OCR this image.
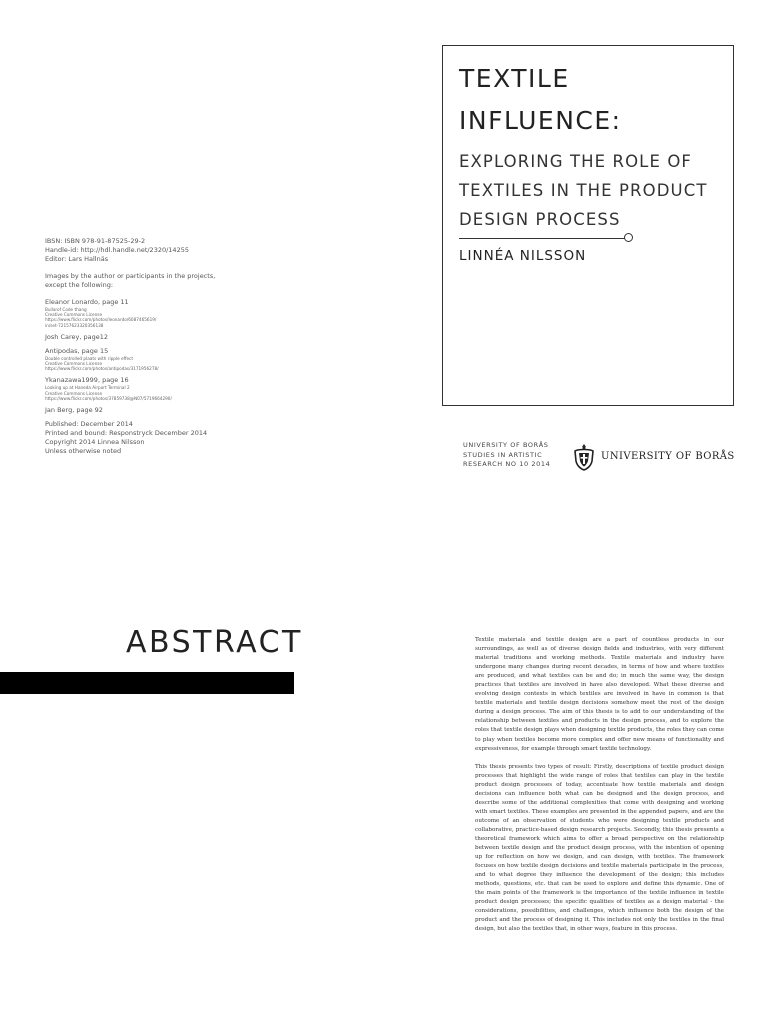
TEXTILE
INFLUENCE:
EXPLORING THE ROLE OF
TEXTILES IN THE PRODUCT
DESIGN PROCESS
LINNÉA NILSSON
UNIVERSITY OF BORÅS
STUDIES IN ARTISTIC
RESEARCH NO 10 2014
UNIVERSITY OF BORÅS
IBSN: ISBN 978-91-87525-29-2
Handle-id: http://hdl.handle.net/2320/14255
Editor: Lars Hallnäs
Images by the author or participants in the projects,
except the following:
Eleanor Lonardo, page 11
Bullarof Code thang
Creative Commons License
https://www.flickr.com/photos/leonardo/6087465619/
in/set-72157623320356138
Josh Carey, page12
Antipodas, page 15
Double controlled plaats with ripple effect
Creative Commons License
https://www.flickr.com/photos/antipodas/3171956278/
Ykanazawa1999, page 16
Looking up at Haneda Airport Terminal 2
Creative Commons License
https://www.flickr.com/photos/37859738@N07/5719664290/
Jan Berg, page 92
Published: December 2014
Printed and bound: Responstryck December 2014
Copyright 2014 Linnea Nilsson
Unless otherwise noted
ABSTRACT	Textile materials and textile design are a part of countless products in our surroundings, as well as of diverse design fields and industries, with very different material traditions and working methods. Textile materials and industry have undergone many changes during recent decades, in terms of how and where textiles are produced, and what textiles can be and do; in much the same way, the design practices that textiles are involved in have also developed. What these diverse and evolving design contexts in which textiles are involved in have in common is that textile materials and textile design decisions somehow meet the rest of the design during a design process. The aim of this thesis is to add to our understanding of the relationship between textiles and products in the design process, and to explore the roles that textile design plays when designing textile products, the roles they can come to play when textiles become more complex and offer new means of functionality and expressiveness, for example through smart textile technology.

This thesis presents two types of result: Firstly, descriptions of textile product design processes that highlight the wide range of roles that textiles can play in the textile product design processes of today, accentuate how textile materials and design decisions can influence both what can be designed and the design process, and describe some of the additional complexities that come with designing and working with smart textiles. These examples are presented in the appended papers, and are the outcome of an observation of students who were designing textile products and collaborative, practice-based design research projects. Secondly, this thesis presents a theoretical framework which aims to offer a broad perspective on the relationship between textile design and the product design process, with the intention of opening up for reflection on how we design, and can design, with textiles. The framework focuses on how textile design decisions and textile materials participate in the process, and to what degree they influence the development of the design; this includes methods, questions, etc. that can be used to explore and define this dynamic. One of the main points of the framework is the importance of the textile influence in textile product design processes; the specific qualities of textiles as a design material - the considerations, possibilities, and challenges, which influence both the design of the product and the process of designing it. This includes not only the textiles in the final design, but also the textiles that, in other ways, feature in this process.
